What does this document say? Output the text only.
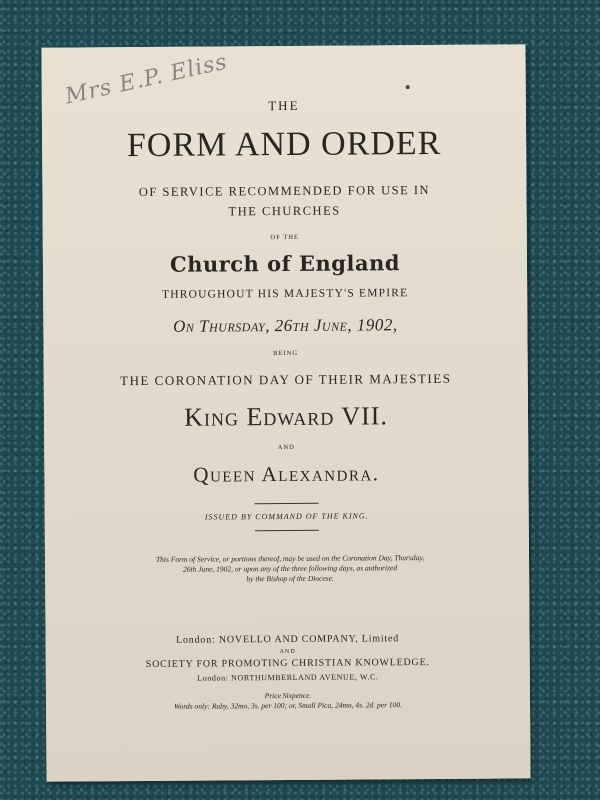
Mrs E.P. Eliss	THE
FORM AND ORDER
OF SERVICE RECOMMENDED FOR USE IN
THE CHURCHES
OF THE
Church of England
THROUGHOUT HIS MAJESTY'S EMPIRE
On Thursday, 26th June, 1902,
BEING
THE CORONATION DAY OF THEIR MAJESTIES
King Edward VII.
AND
Queen Alexandra.
ISSUED BY COMMAND OF THE KING.
This Form of Service, or portions thereof, may be used on the Coronation Day, Thursday,
26th June, 1902, or upon any of the three following days, as authorized
by the Bishop of the Diocese.
London: NOVELLO AND COMPANY, Limited
AND
SOCIETY FOR PROMOTING CHRISTIAN KNOWLEDGE.
London: NORTHUMBERLAND AVENUE, W.C.
Price Sixpence.
Words only: Ruby, 32mo, 3s. per 100; or, Small Pica, 24mo, 4s. 2d. per 100.
